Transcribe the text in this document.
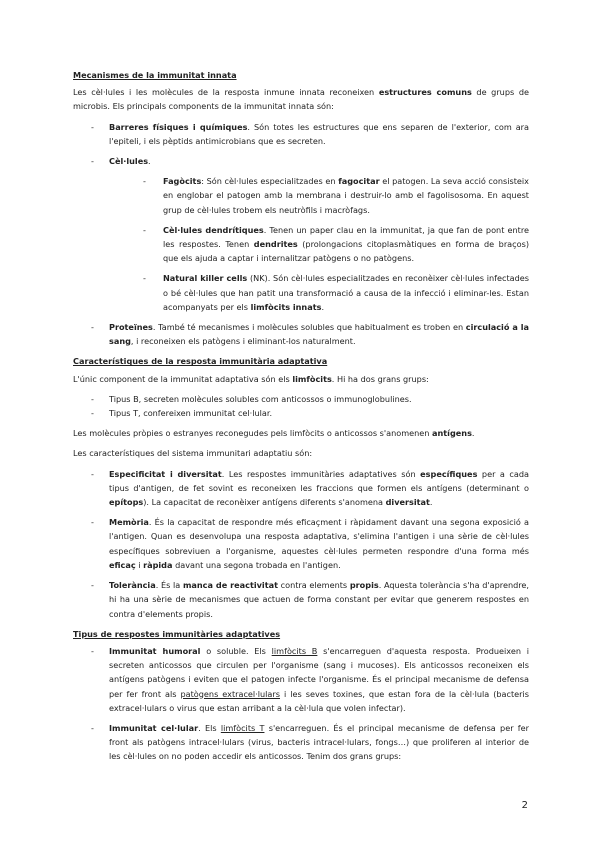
Mecanismes de la immunitat innata

Les cèl·lules i les molècules de la resposta inmune innata reconeixen estructures comuns de grups de microbis. Els principals components de la immunitat innata són:

- Barreres físiques i químiques. Són totes les estructures que ens separen de l'exterior, com ara l'epiteli, i els pèptids antimicrobians que es secreten.
- Cèl·lules.
- Fagòcits: Són cèl·lules especialitzades en fagocitar el patogen. La seva acció consisteix en englobar el patogen amb la membrana i destruir-lo amb el fagolisosoma. En aquest grup de cèl·lules trobem els neutròfils i macròfags.
- Cèl·lules dendrítiques. Tenen un paper clau en la immunitat, ja que fan de pont entre les respostes. Tenen dendrites (prolongacions citoplasmàtiques en forma de braços) que els ajuda a captar i internalitzar patògens o no patògens.
- Natural killer cells (NK). Són cèl·lules especialitzades en reconèixer cèl·lules infectades o bé cèl·lules que han patit una transformació a causa de la infecció i eliminar-les. Estan acompanyats per els limfòcits innats.
- Proteïnes. També té mecanismes i molècules solubles que habitualment es troben en circulació a la sang, i reconeixen els patògens i eliminant-los naturalment.
Característiques de la resposta immunitària adaptativa

L'únic component de la immunitat adaptativa són els limfòcits. Hi ha dos grans grups:

- Tipus B, secreten molècules solubles com anticossos o immunoglobulines.
- Tipus T, confereixen immunitat cel·lular.

Les molècules pròpies o estranyes reconegudes pels limfòcits o anticossos s'anomenen antígens.

Les característiques del sistema immunitari adaptatiu són:

- Especificitat i diversitat. Les respostes immunitàries adaptatives són específiques per a cada tipus d'antigen, de fet sovint es reconeixen les fraccions que formen els antígens (determinant o epítops). La capacitat de reconèixer antígens diferents s'anomena diversitat.
- Memòria. És la capacitat de respondre més eficaçment i ràpidament davant una segona exposició a l'antigen. Quan es desenvolupa una resposta adaptativa, s'elimina l'antigen i una sèrie de cèl·lules específiques sobreviuen a l'organisme, aquestes cèl·lules permeten respondre d'una forma més eficaç i ràpida davant una segona trobada en l'antigen.
- Tolerància. És la manca de reactivitat contra elements propis. Aquesta tolerància s'ha d'aprendre, hi ha una sèrie de mecanismes que actuen de forma constant per evitar que generem respostes en contra d'elements propis.
Tipus de respostes immunitàries adaptatives
- Immunitat humoral o soluble. Els limfòcits B s'encarreguen d'aquesta resposta. Produeixen i secreten anticossos que circulen per l'organisme (sang i mucoses). Els anticossos reconeixen els antígens patògens i eviten que el patogen infecte l'organisme. És el principal mecanisme de defensa per fer front als patògens extracel·lulars i les seves toxines, que estan fora de la cèl·lula (bacteris extracel·lulars o virus que estan arribant a la cèl·lula que volen infectar).
- Immunitat cel·lular. Els limfòcits T s'encarreguen. És el principal mecanisme de defensa per fer front als patògens intracel·lulars (virus, bacteris intracel·lulars, fongs…) que proliferen al interior de les cèl·lules on no poden accedir els anticossos. Tenim dos grans grups:
2
